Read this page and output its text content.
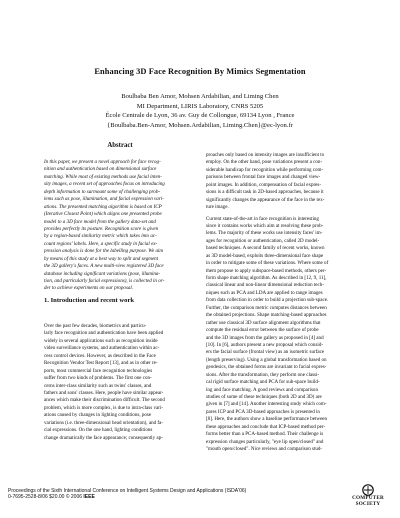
Enhancing 3D Face Recognition By Mimics Segmentation
Boulbaba Ben Amor, Mohsen Ardabilian, and Liming Chen
MI Department, LIRIS Laboratory, CNRS 5205
École Centrale de Lyon, 36 av. Guy de Collongue, 69134 Lyon , France
{Boulbaba.Ben-Amor, Mohsen.Ardabilian, Liming.Chen}@ec-lyon.fr
Abstract

In this paper, we present a novel approach for face recog-
nition and authentication based on dimensional surface
matching. While most of existing methods use facial inten-
sity images, a recent set of approaches focus on introducing
depth information to surmount some of challenging prob-
lems such as pose, illumination, and facial expression vari-
ations. The presented matching algorithm is based on ICP
(Iterative Closest Point) which aligns one presented probe
model to a 3D face model from the gallery data-set and
provides perfectly its posture. Recognition score is given
by a region-based similarity metric which takes into ac-
count regions' labels. Here, a specific study in facial ex-
pression analysis is done for the labelling purpose. We aim
by means of this study at a best way to split and segment
the 3D gallery's faces. A new multi-view registered 3D face
database including significant variations (pose, illumina-
tion, and particularly facial expressions), is collected in or-
der to achieve experiments on our proposal.

1. Introduction and recent work

Over the past few decades, biometrics and particu-
larly face recognition and authentication have been applied
widely in several applications such as recognition inside
video surveillance systems, and authentication within ac-
cess control devices. However, as described in the Face
Recognition Vendor Test Report [13], and as in other re-
ports, most commercial face recognition technologies
suffer from two kinds of problems. The first one con-
cerns inter-class similarity such as twins' classes, and
fathers and sons' classes. Here, people have similar appear-
ances which make their discrimination difficult. The second
problem, which is more complex, is due to intra-class vari-
ations caused by changes in lighting conditions, pose
variations (i.e. three-dimensional head orientation), and fa-
cial expressions. On the one hand, lighting conditions
change dramatically the face appearance; consequently ap-

proaches only based on intensity images are insufficient to
employ. On the other hand, pose variations present a con-
siderable handicap for recognition while performing com-
parisons between frontal face images and changed view-
point images. In addition, compensation of facial expres-
sions is a difficult task in 2D-based approaches, because it
significantly changes the appearance of the face in the tex-
ture image.

Current state-of-the-art in face recognition is interesting
since it contains works which aim at resolving these prob-
lems. The majority of these works use intensity faces' im-
ages for recognition or authentication, called 2D model-
based techniques. A second family of recent works, known
as 3D model-based, exploits three-dimensional face shape
in order to mitigate some of these variations. Where some of
them propose to apply subspace-based methods, others per-
form shape matching algorithm. As described in [12, 9, 11],
classical linear and non-linear dimensional reduction tech-
niques such as PCA and LDA are applied to range images
from data collection in order to build a projection sub-space.
Further, the comparison metric computes distances between
the obtained projections. Shape matching-based approaches
rather use classical 3D surface alignment algorithms that
compute the residual error between the surface of probe
and the 3D images from the gallery as proposed in [4] and
[10]. In [6], authors present a new proposal which consid-
ers the facial surface (frontal view) as an isometric surface
(length preserving). Using a global transformation based on
geodesics, the obtained forms are invariant to facial expres-
sions. After the transformation, they perform one classi-
cal rigid surface matching and PCA for sub-space build-
ing and face matching. A good reviews and comparison
studies of some of these techniques (both 2D and 3D) are
given in [7] and [14]. Another interesting study which com-
pares ICP and PCA 3D-based approaches is presented in
[8]. Here, the authors show a baseline performance between
these approaches and conclude that ICP-based method per-
forms better than a PCA-based method. Their challenge is
expression changes particularly, "eye lip open/closed" and
"mouth open/closed". Nice reviews and comparison stud-

Proceedings of the Sixth International Conference on Intelligent Systems Design and Applications (ISDA'06)
0-7695-2528-8/06 $20.00 © 2006 IEEE	COMPUTER
SOCIETY
